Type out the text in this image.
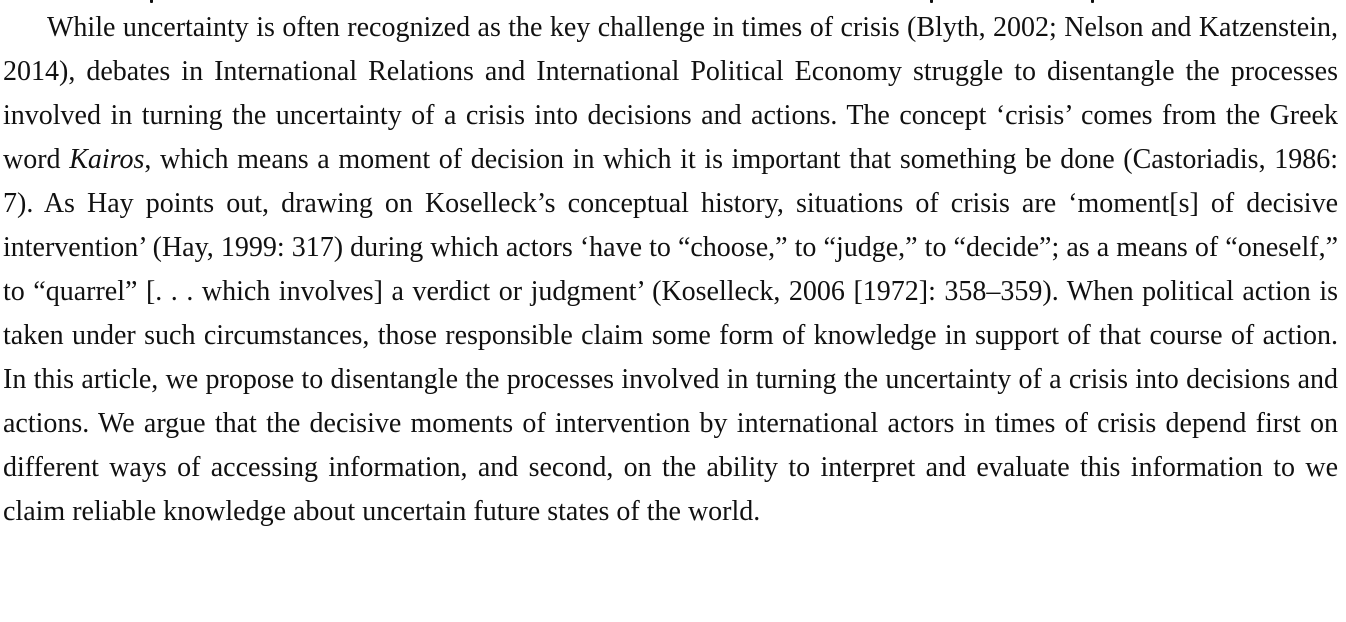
While uncertainty is often recognized as the key challenge in times of crisis (Blyth, 2002; Nelson and Katzenstein, 2014), debates in International Relations and International Political Economy struggle to disentangle the processes involved in turning the uncertainty of a crisis into decisions and actions. The concept ‘crisis’ comes from the Greek word Kairos, which means a moment of decision in which it is important that something be done (Castoriadis, 1986: 7). As Hay points out, drawing on Koselleck’s conceptual history, situations of crisis are ‘moment[s] of decisive intervention’ (Hay, 1999: 317) during which actors ‘have to “choose,” to “judge,” to “decide”; as a means of “oneself,” to “quarrel” [. . . which involves] a verdict or judgment’ (Koselleck, 2006 [1972]: 358–359). When political action is taken under such circumstances, those responsible claim some form of knowledge in support of that course of action. In this article, we propose to disentangle the processes involved in turning the uncertainty of a crisis into decisions and actions. We argue that the decisive moments of intervention by international actors in times of crisis depend first on different ways of accessing information, and second, on the ability to interpret and evaluate this information to we claim reliable knowledge about uncertain future states of the world.
